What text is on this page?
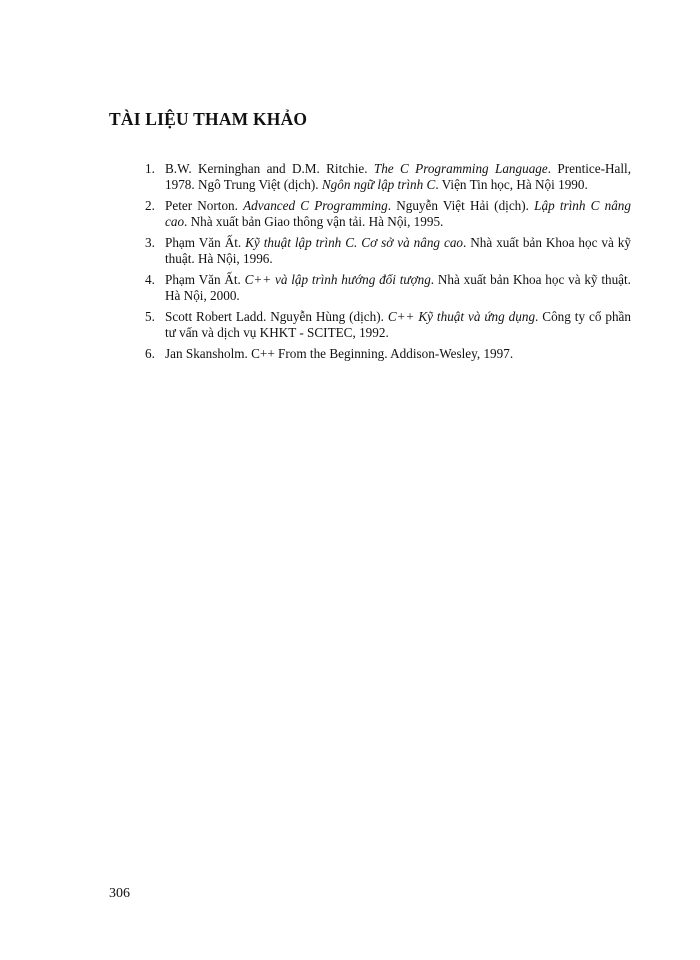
TÀI LIỆU THAM KHẢO
1. B.W. Kerninghan and D.M. Ritchie. The C Programming Language. Prentice-Hall, 1978. Ngô Trung Việt (dịch). Ngôn ngữ lập trình C. Viện Tin học, Hà Nội 1990.
2. Peter Norton. Advanced C Programming. Nguyễn Việt Hải (dịch). Lập trình C nâng cao. Nhà xuất bản Giao thông vận tải. Hà Nội, 1995.
3. Phạm Văn Ất. Kỹ thuật lập trình C. Cơ sở và nâng cao. Nhà xuất bản Khoa học và kỹ thuật. Hà Nội, 1996.
4. Phạm Văn Ất. C++ và lập trình hướng đối tượng. Nhà xuất bản Khoa học và kỹ thuật. Hà Nội, 2000.
5. Scott Robert Ladd. Nguyễn Hùng (dịch). C++ Kỹ thuật và ứng dụng. Công ty cổ phần tư vấn và dịch vụ KHKT - SCITEC, 1992.
6. Jan Skansholm. C++ From the Beginning. Addison-Wesley, 1997.
306
